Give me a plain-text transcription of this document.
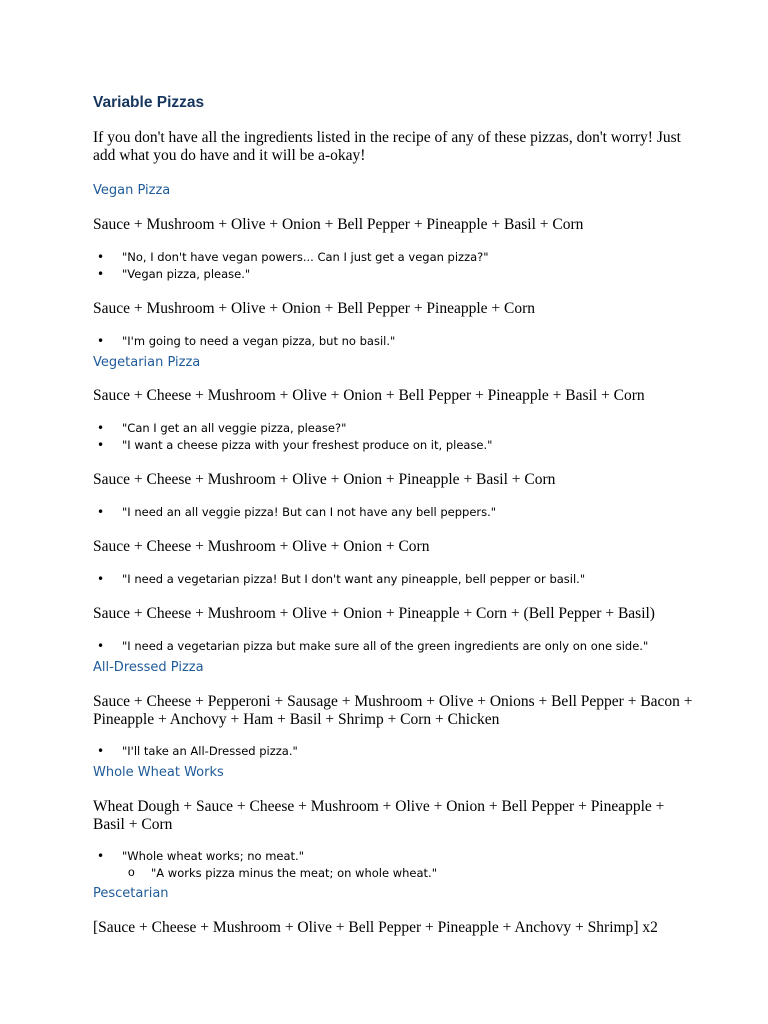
Variable Pizzas
If you don't have all the ingredients listed in the recipe of any of these pizzas, don't worry! Just add what you do have and it will be a-okay!
Vegan Pizza
Sauce + Mushroom + Olive + Onion + Bell Pepper + Pineapple + Basil + Corn
• "No, I don't have vegan powers... Can I just get a vegan pizza?"
• "Vegan pizza, please."
Sauce + Mushroom + Olive + Onion + Bell Pepper + Pineapple + Corn
• "I'm going to need a vegan pizza, but no basil."
Vegetarian Pizza
Sauce + Cheese + Mushroom + Olive + Onion + Bell Pepper + Pineapple + Basil + Corn
• "Can I get an all veggie pizza, please?"
• "I want a cheese pizza with your freshest produce on it, please."
Sauce + Cheese + Mushroom + Olive + Onion + Pineapple + Basil + Corn
• "I need an all veggie pizza! But can I not have any bell peppers."
Sauce + Cheese + Mushroom + Olive + Onion + Corn
• "I need a vegetarian pizza! But I don't want any pineapple, bell pepper or basil."
Sauce + Cheese + Mushroom + Olive + Onion + Pineapple + Corn + (Bell Pepper + Basil)
• "I need a vegetarian pizza but make sure all of the green ingredients are only on one side."
All-Dressed Pizza
Sauce + Cheese + Pepperoni + Sausage + Mushroom + Olive + Onions + Bell Pepper + Bacon + Pineapple + Anchovy + Ham + Basil + Shrimp + Corn + Chicken
• "I'll take an All-Dressed pizza."
Whole Wheat Works
Wheat Dough + Sauce + Cheese + Mushroom + Olive + Onion + Bell Pepper + Pineapple + Basil + Corn
• "Whole wheat works; no meat."
o "A works pizza minus the meat; on whole wheat."
Pescetarian
[Sauce + Cheese + Mushroom + Olive + Bell Pepper + Pineapple + Anchovy + Shrimp] x2
